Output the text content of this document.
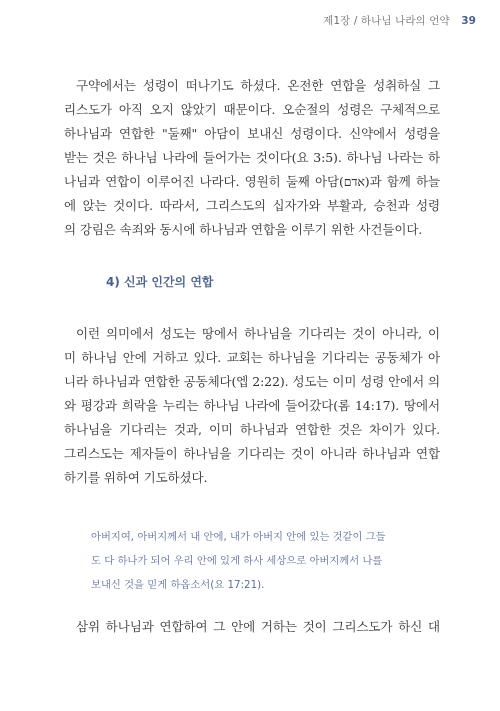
제1장 / 하나님 나라의 언약 39
구약에서는 성령이 떠나기도 하셨다. 온전한 연합을 성취하실 그
리스도가 아직 오지 않았기 때문이다. 오순절의 성령은 구체적으로
하나님과 연합한 "둘째" 아담이 보내신 성령이다. 신약에서 성령을
받는 것은 하나님 나라에 들어가는 것이다(요 3:5). 하나님 나라는 하
나님과 연합이 이루어진 나라다. 영원히 둘째 아담(אדם)과 함께 하늘
에 앉는 것이다. 따라서, 그리스도의 십자가와 부활과, 승천과 성령
의 강림은 속죄와 동시에 하나님과 연합을 이루기 위한 사건들이다.
4) 신과 인간의 연합
이런 의미에서 성도는 땅에서 하나님을 기다리는 것이 아니라, 이
미 하나님 안에 거하고 있다. 교회는 하나님을 기다리는 공동체가 아
니라 하나님과 연합한 공동체다(엡 2:22). 성도는 이미 성령 안에서 의
와 평강과 희락을 누리는 하나님 나라에 들어갔다(롬 14:17). 땅에서
하나님을 기다리는 것과, 이미 하나님과 연합한 것은 차이가 있다.
그리스도는 제자들이 하나님을 기다리는 것이 아니라 하나님과 연합
하기를 위하여 기도하셨다.
아버지여, 아버지께서 내 안에, 내가 아버지 안에 있는 것같이 그들
도 다 하나가 되어 우리 안에 있게 하사 세상으로 아버지께서 나를
보내신 것을 믿게 하옵소서(요 17:21).
삼위 하나님과 연합하여 그 안에 거하는 것이 그리스도가 하신 대
